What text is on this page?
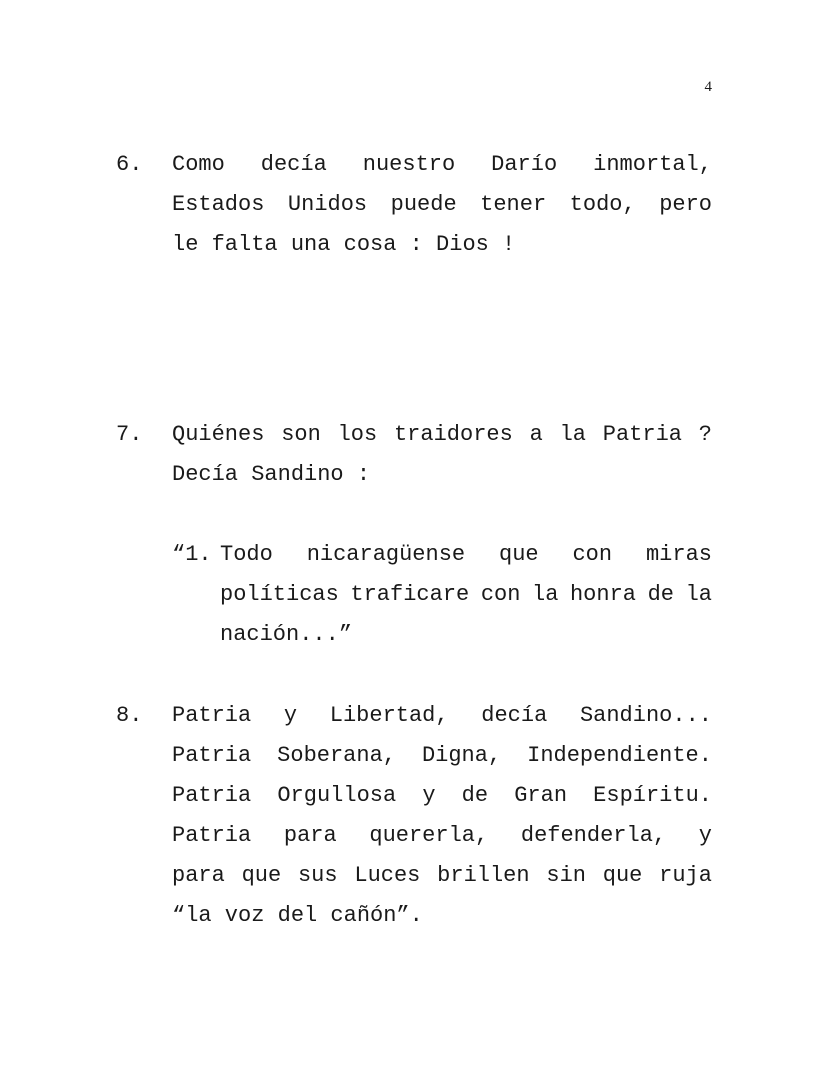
4
6. Como decía nuestro Darío inmortal,
Estados Unidos puede tener todo, pero
le falta una cosa : Dios !
7. Quiénes son los traidores a la Patria ?
Decía Sandino :
“1. Todo nicaragüense que con miras
políticas traficare con la honra de la
nación...”
8. Patria y Libertad, decía Sandino...
Patria Soberana, Digna, Independiente.
Patria Orgullosa y de Gran Espíritu.
Patria para quererla, defenderla, y
para que sus Luces brillen sin que ruja
“la voz del cañón”.
